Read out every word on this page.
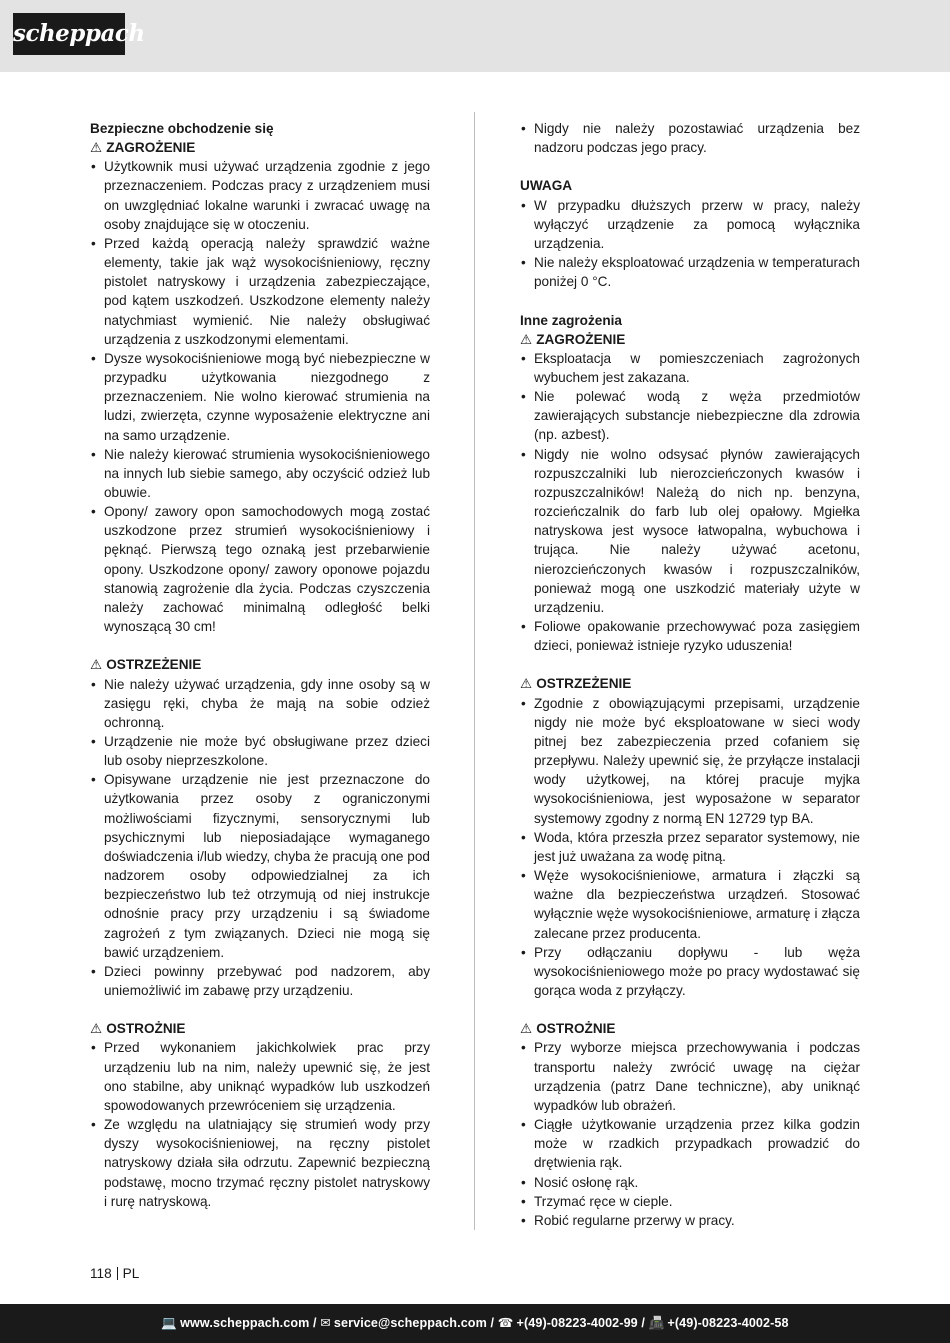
scheppach
Bezpieczne obchodzenie się
⚠ ZAGROŻENIE
• Użytkownik musi używać urządzenia zgodnie z jego przeznaczeniem. Podczas pracy z urządzeniem musi on uwzględniać lokalne warunki i zwracać uwagę na osoby znajdujące się w otoczeniu.
• Przed każdą operacją należy sprawdzić ważne elementy, takie jak wąż wysokociśnieniowy, ręczny pistolet natryskowy i urządzenia zabezpieczające, pod kątem uszkodzeń. Uszkodzone elementy należy natychmiast wymienić. Nie należy obsługiwać urządzenia z uszkodzonymi elementami.
• Dysze wysokociśnieniowe mogą być niebezpieczne w przypadku użytkowania niezgodnego z przeznaczeniem. Nie wolno kierować strumienia na ludzi, zwierzęta, czynne wyposażenie elektryczne ani na samo urządzenie.
• Nie należy kierować strumienia wysokociśnieniowego na innych lub siebie samego, aby oczyścić odzież lub obuwie.
• Opony/ zawory opon samochodowych mogą zostać uszkodzone przez strumień wysokociśnieniowy i pęknąć. Pierwszą tego oznaką jest przebarwienie opony. Uszkodzone opony/ zawory oponowe pojazdu stanowią zagrożenie dla życia. Podczas czyszczenia należy zachować minimalną odległość belki wynoszącą 30 cm!
⚠ OSTRZEŻENIE
• Nie należy używać urządzenia, gdy inne osoby są w zasięgu ręki, chyba że mają na sobie odzież ochronną.
• Urządzenie nie może być obsługiwane przez dzieci lub osoby nieprzeszkolone.
• Opisywane urządzenie nie jest przeznaczone do użytkowania przez osoby z ograniczonymi możliwościami fizycznymi, sensorycznymi lub psychicznymi lub nieposiadające wymaganego doświadczenia i/lub wiedzy, chyba że pracują one pod nadzorem osoby odpowiedzialnej za ich bezpieczeństwo lub też otrzymują od niej instrukcje odnośnie pracy przy urządzeniu i są świadome zagrożeń z tym związanych. Dzieci nie mogą się bawić urządzeniem.
• Dzieci powinny przebywać pod nadzorem, aby uniemożliwić im zabawę przy urządzeniu.
⚠ OSTROŻNIE
• Przed wykonaniem jakichkolwiek prac przy urządzeniu lub na nim, należy upewnić się, że jest ono stabilne, aby uniknąć wypadków lub uszkodzeń spowodowanych przewróceniem się urządzenia.
• Ze względu na ulatniający się strumień wody przy dyszy wysokociśnieniowej, na ręczny pistolet natryskowy działa siła odrzutu. Zapewnić bezpieczną podstawę, mocno trzymać ręczny pistolet natryskowy i rurę natryskową.
• Nigdy nie należy pozostawiać urządzenia bez nadzoru podczas jego pracy.
UWAGA
• W przypadku dłuższych przerw w pracy, należy wyłączyć urządzenie za pomocą wyłącznika urządzenia.
• Nie należy eksploatować urządzenia w temperaturach poniżej 0 °C.
Inne zagrożenia
⚠ ZAGROŻENIE
• Eksploatacja w pomieszczeniach zagrożonych wybuchem jest zakazana.
• Nie polewać wodą z węża przedmiotów zawierających substancje niebezpieczne dla zdrowia (np. azbest).
• Nigdy nie wolno odsysać płynów zawierających rozpuszczalniki lub nierozcieńczonych kwasów i rozpuszczalników! Należą do nich np. benzyna, rozcieńczalnik do farb lub olej opałowy. Mgiełka natryskowa jest wysoce łatwopalna, wybuchowa i trująca. Nie należy używać acetonu, nierozcieńczonych kwasów i rozpuszczalników, ponieważ mogą one uszkodzić materiały użyte w urządzeniu.
• Foliowe opakowanie przechowywać poza zasięgiem dzieci, ponieważ istnieje ryzyko uduszenia!
⚠ OSTRZEŻENIE
• Zgodnie z obowiązującymi przepisami, urządzenie nigdy nie może być eksploatowane w sieci wody pitnej bez zabezpieczenia przed cofaniem się przepływu. Należy upewnić się, że przyłącze instalacji wody użytkowej, na której pracuje myjka wysokociśnieniowa, jest wyposażone w separator systemowy zgodny z normą EN 12729 typ BA.
• Woda, która przeszła przez separator systemowy, nie jest już uważana za wodę pitną.
• Węże wysokociśnieniowe, armatura i złączki są ważne dla bezpieczeństwa urządzeń. Stosować wyłącznie węże wysokociśnieniowe, armaturę i złącza zalecane przez producenta.
• Przy odłączaniu dopływu - lub węża wysokociśnieniowego może po pracy wydostawać się gorąca woda z przyłączy.
⚠ OSTROŻNIE
• Przy wyborze miejsca przechowywania i podczas transportu należy zwrócić uwagę na ciężar urządzenia (patrz Dane techniczne), aby uniknąć wypadków lub obrażeń.
• Ciągłe użytkowanie urządzenia przez kilka godzin może w rzadkich przypadkach prowadzić do drętwienia rąk.
• Nosić osłonę rąk.
• Trzymać ręce w cieple.
• Robić regularne przerwy w pracy.
118 PL
💻 www.scheppach.com / ✉ service@scheppach.com / ☎ +(49)-08223-4002-99 / 📠 +(49)-08223-4002-58
